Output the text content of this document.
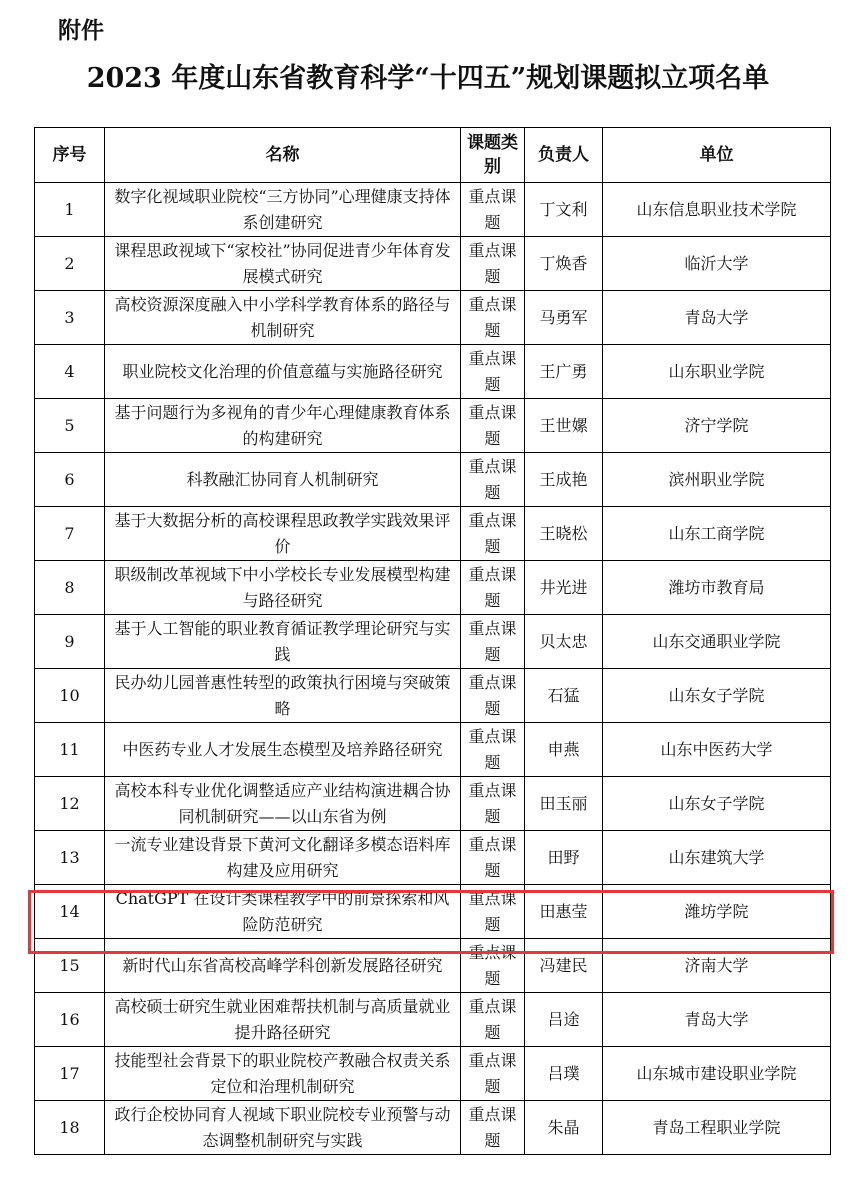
附件
2023 年度山东省教育科学“十四五”规划课题拟立项名单
序号	名称	课题类别	负责人	单位
1	数字化视域职业院校“三方协同”心理健康支持体系创建研究	重点课题	丁文利	山东信息职业技术学院
2	课程思政视域下“家校社”协同促进青少年体育发展模式研究	重点课题	丁焕香	临沂大学
3	高校资源深度融入中小学科学教育体系的路径与机制研究	重点课题	马勇军	青岛大学
4	职业院校文化治理的价值意蕴与实施路径研究	重点课题	王广勇	山东职业学院
5	基于问题行为多视角的青少年心理健康教育体系的构建研究	重点课题	王世嫘	济宁学院
6	科教融汇协同育人机制研究	重点课题	王成艳	滨州职业学院
7	基于大数据分析的高校课程思政教学实践效果评价	重点课题	王晓松	山东工商学院
8	职级制改革视域下中小学校长专业发展模型构建与路径研究	重点课题	井光进	潍坊市教育局
9	基于人工智能的职业教育循证教学理论研究与实践	重点课题	贝太忠	山东交通职业学院
10	民办幼儿园普惠性转型的政策执行困境与突破策略	重点课题	石猛	山东女子学院
11	中医药专业人才发展生态模型及培养路径研究	重点课题	申燕	山东中医药大学
12	高校本科专业优化调整适应产业结构演进耦合协同机制研究——以山东省为例	重点课题	田玉丽	山东女子学院
13	一流专业建设背景下黄河文化翻译多模态语料库构建及应用研究	重点课题	田野	山东建筑大学
14	ChatGPT 在设计类课程教学中的前景探索和风险防范研究	重点课题	田惠莹	潍坊学院
15	新时代山东省高校高峰学科创新发展路径研究	重点课题	冯建民	济南大学
16	高校硕士研究生就业困难帮扶机制与高质量就业提升路径研究	重点课题	吕途	青岛大学
17	技能型社会背景下的职业院校产教融合权责关系定位和治理机制研究	重点课题	吕璞	山东城市建设职业学院
18	政行企校协同育人视域下职业院校专业预警与动态调整机制研究与实践	重点课题	朱晶	青岛工程职业学院
